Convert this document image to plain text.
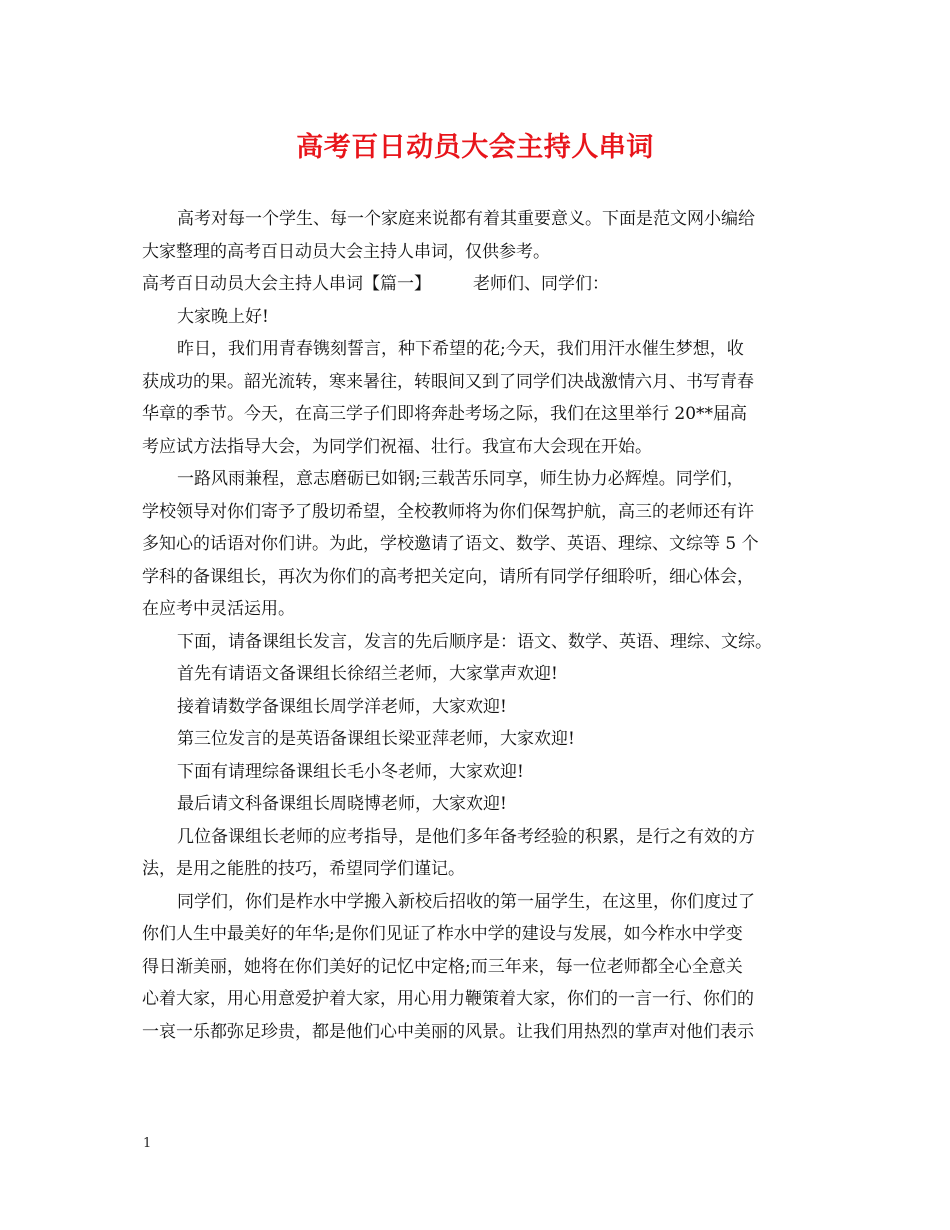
高考百日动员大会主持人串词
高考对每一个学生、每一个家庭来说都有着其重要意义。下面是范文网小编给
大家整理的高考百日动员大会主持人串词，仅供参考。
高考百日动员大会主持人串词【篇一】 老师们、同学们：
大家晚上好!
昨日，我们用青春镌刻誓言，种下希望的花;今天，我们用汗水催生梦想，收
获成功的果。韶光流转，寒来暑往，转眼间又到了同学们决战激情六月、书写青春
华章的季节。今天，在高三学子们即将奔赴考场之际，我们在这里举行 20**届高
考应试方法指导大会，为同学们祝福、壮行。我宣布大会现在开始。
一路风雨兼程，意志磨砺已如钢;三载苦乐同享，师生协力必辉煌。同学们，
学校领导对你们寄予了殷切希望，全校教师将为你们保驾护航，高三的老师还有许
多知心的话语对你们讲。为此，学校邀请了语文、数学、英语、理综、文综等 5 个
学科的备课组长，再次为你们的高考把关定向，请所有同学仔细聆听，细心体会，
在应考中灵活运用。
下面，请备课组长发言，发言的先后顺序是：语文、数学、英语、理综、文综。
首先有请语文备课组长徐绍兰老师，大家掌声欢迎!
接着请数学备课组长周学洋老师，大家欢迎!
第三位发言的是英语备课组长梁亚萍老师，大家欢迎!
下面有请理综备课组长毛小冬老师，大家欢迎!
最后请文科备课组长周晓博老师，大家欢迎!
几位备课组长老师的应考指导，是他们多年备考经验的积累，是行之有效的方
法，是用之能胜的技巧，希望同学们谨记。
同学们，你们是柞水中学搬入新校后招收的第一届学生，在这里，你们度过了
你们人生中最美好的年华;是你们见证了柞水中学的建设与发展，如今柞水中学变
得日渐美丽，她将在你们美好的记忆中定格;而三年来，每一位老师都全心全意关
心着大家，用心用意爱护着大家，用心用力鞭策着大家，你们的一言一行、你们的
一哀一乐都弥足珍贵，都是他们心中美丽的风景。让我们用热烈的掌声对他们表示
1
